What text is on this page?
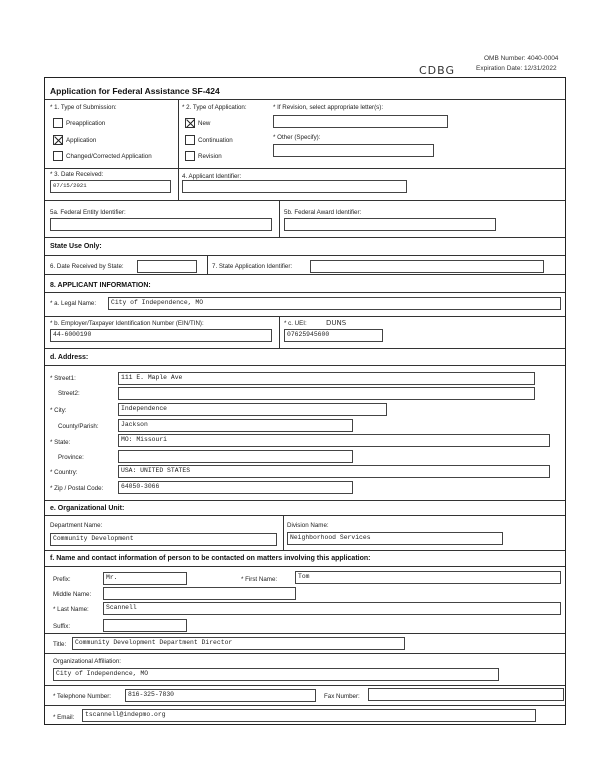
OMB Number: 4040-0004
CDBG	Expiration Date: 12/31/2022
Application for Federal Assistance SF-424
* 1. Type of Submission:
Preapplication
Application
Changed/Corrected Application
* 2. Type of Application:
New
Continuation
Revision
* If Revision, select appropriate letter(s):
* Other (Specify):
* 3. Date Received:
07/15/2021
4. Applicant Identifier:
5a. Federal Entity Identifier:	5b. Federal Award Identifier:
State Use Only:
6. Date Received by State:	7. State Application Identifier:
8. APPLICANT INFORMATION:
* a. Legal Name:	City of Independence, MO
* b. Employer/Taxpayer Identification Number (EIN/TIN):
44-6000190
* c. UEI:	DUNS
07625945600
d. Address:
* Street1:	111 E. Maple Ave
Street2:
* City:	Independence
County/Parish:	Jackson
* State:	MO: Missouri
Province:
* Country:	USA: UNITED STATES
* Zip / Postal Code:	64050-3066
e. Organizational Unit:
Department Name:
Community Development
Division Name:
Neighborhood Services
f. Name and contact information of person to be contacted on matters involving this application:
Prefix:	Mr.	* First Name:	Tom
Middle Name:
* Last Name:	Scannell
Suffix:
Title:	Community Development Department Director
Organizational Affiliation:
City of Independence, MO
* Telephone Number:	816-325-7830	Fax Number:
* Email:	tscannell@indepmo.org
